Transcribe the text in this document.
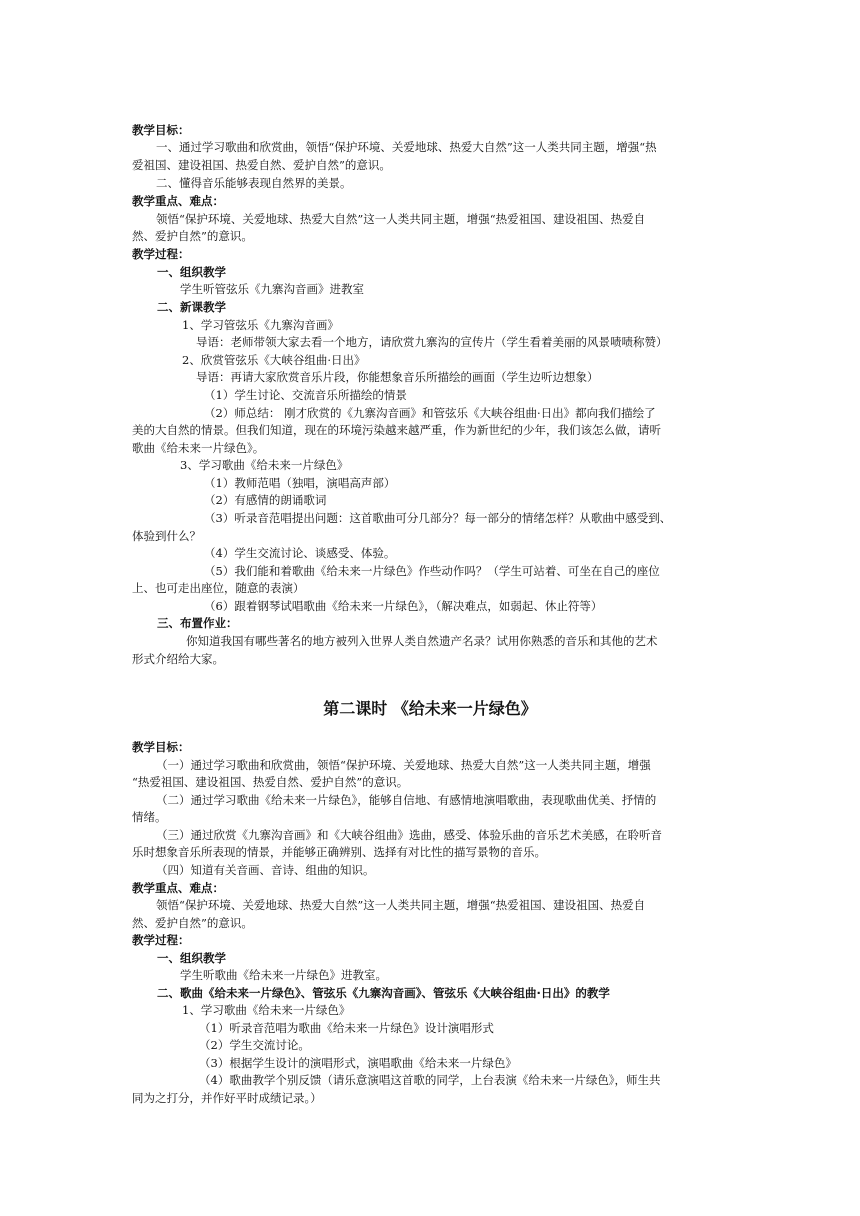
教学目标：
一、通过学习歌曲和欣赏曲，领悟“保护环境、关爱地球、热爱大自然”这一人类共同主题，增强“热
爱祖国、建设祖国、热爱自然、爱护自然”的意识。
二、懂得音乐能够表现自然界的美景。
教学重点、难点：
领悟“保护环境、关爱地球、热爱大自然”这一人类共同主题，增强“热爱祖国、建设祖国、热爱自
然、爱护自然”的意识。
教学过程：
一、组织教学
学生听管弦乐《九寨沟音画》进教室
二、新课教学
1、学习管弦乐《九寨沟音画》
导语：老师带领大家去看一个地方，请欣赏九寨沟的宣传片（学生看着美丽的风景啧啧称赞）
2、欣赏管弦乐《大峡谷组曲·日出》
导语：再请大家欣赏音乐片段，你能想象音乐所描绘的画面（学生边听边想象）
（1）学生讨论、交流音乐所描绘的情景
（2）师总结： 刚才欣赏的《九寨沟音画》和管弦乐《大峡谷组曲·日出》都向我们描绘了
美的大自然的情景。但我们知道，现在的环境污染越来越严重，作为新世纪的少年，我们该怎么做，请听
歌曲《给未来一片绿色》。
3、学习歌曲《给未来一片绿色》
（1）教师范唱（独唱，演唱高声部）
（2）有感情的朗诵歌词
（3）听录音范唱提出问题：这首歌曲可分几部分？每一部分的情绪怎样？从歌曲中感受到、
体验到什么？
（4）学生交流讨论、谈感受、体验。
（5）我们能和着歌曲《给未来一片绿色》作些动作吗？（学生可站着、可坐在自己的座位
上、也可走出座位，随意的表演）
（6）跟着钢琴试唱歌曲《给未来一片绿色》，（解决难点，如弱起、休止符等）
三、布置作业：
你知道我国有哪些著名的地方被列入世界人类自然遗产名录？试用你熟悉的音乐和其他的艺术
形式介绍给大家。
第二课时 《给未来一片绿色》
教学目标：
（一）通过学习歌曲和欣赏曲，领悟“保护环境、关爱地球、热爱大自然”这一人类共同主题，增强
“热爱祖国、建设祖国、热爱自然、爱护自然”的意识。
（二）通过学习歌曲《给未来一片绿色》，能够自信地、有感情地演唱歌曲，表现歌曲优美、抒情的
情绪。
（三）通过欣赏《九寨沟音画》和《大峡谷组曲》选曲，感受、体验乐曲的音乐艺术美感，在聆听音
乐时想象音乐所表现的情景，并能够正确辨别、选择有对比性的描写景物的音乐。
（四）知道有关音画、音诗、组曲的知识。
教学重点、难点：
领悟“保护环境、关爱地球、热爱大自然”这一人类共同主题，增强“热爱祖国、建设祖国、热爱自
然、爱护自然”的意识。
教学过程：
一、组织教学
学生听歌曲《给未来一片绿色》进教室。
二、歌曲《给未来一片绿色》、管弦乐《九寨沟音画》、管弦乐《大峡谷组曲·日出》的教学
1、学习歌曲《给未来一片绿色》
（1）听录音范唱为歌曲《给未来一片绿色》设计演唱形式
（2）学生交流讨论。
（3）根据学生设计的演唱形式，演唱歌曲《给未来一片绿色》
（4）歌曲教学个别反馈（请乐意演唱这首歌的同学，上台表演《给未来一片绿色》，师生共
同为之打分，并作好平时成绩记录。）
